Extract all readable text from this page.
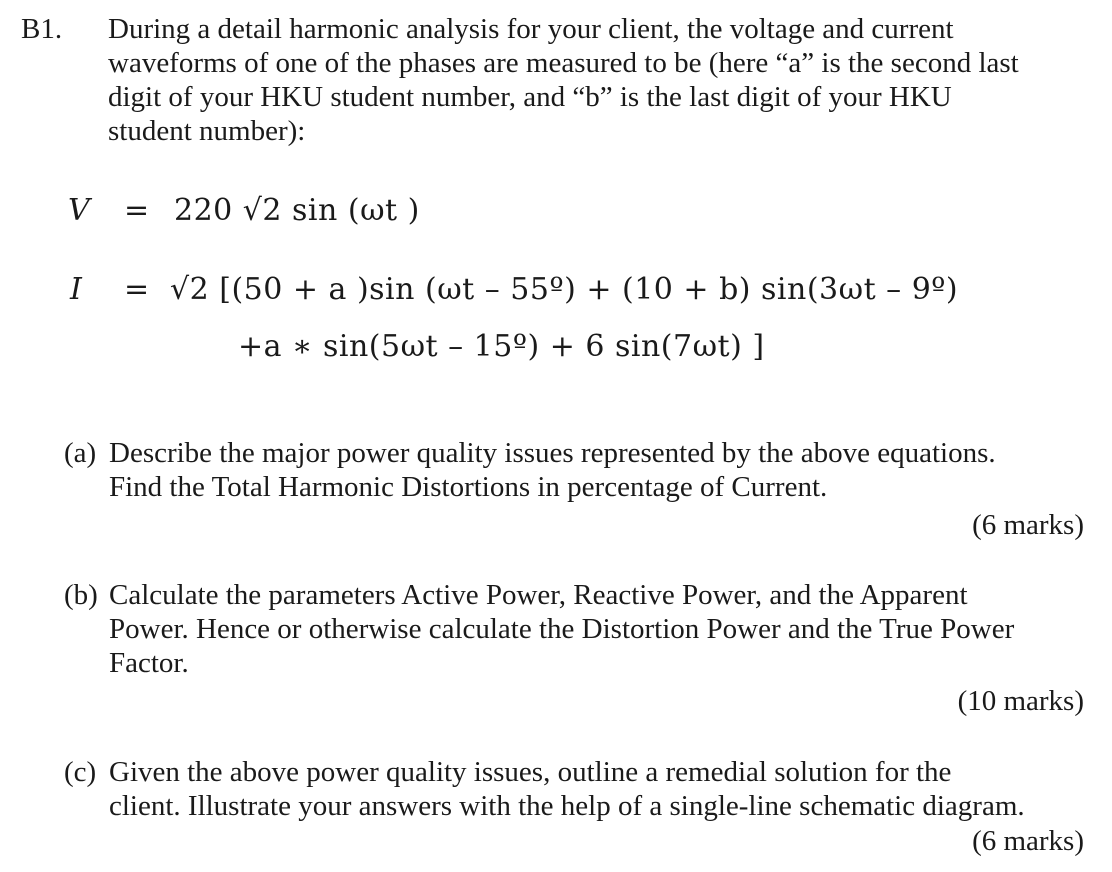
B1. During a detail harmonic analysis for your client, the voltage and current
waveforms of one of the phases are measured to be (here “a” is the second last
digit of your HKU student number, and “b” is the last digit of your HKU
student number):
V = 220 √2 sin (ωt )
I = √2 [(50 + a )sin (ωt – 55º) + (10 + b) sin(3ωt – 9º)
+a ∗ sin(5ωt – 15º) + 6 sin(7ωt) ]
(a) Describe the major power quality issues represented by the above equations.
Find the Total Harmonic Distortions in percentage of Current.
(6 marks)
(b) Calculate the parameters Active Power, Reactive Power, and the Apparent
Power. Hence or otherwise calculate the Distortion Power and the True Power
Factor.
(10 marks)
(c) Given the above power quality issues, outline a remedial solution for the
client. Illustrate your answers with the help of a single-line schematic diagram.
(6 marks)
